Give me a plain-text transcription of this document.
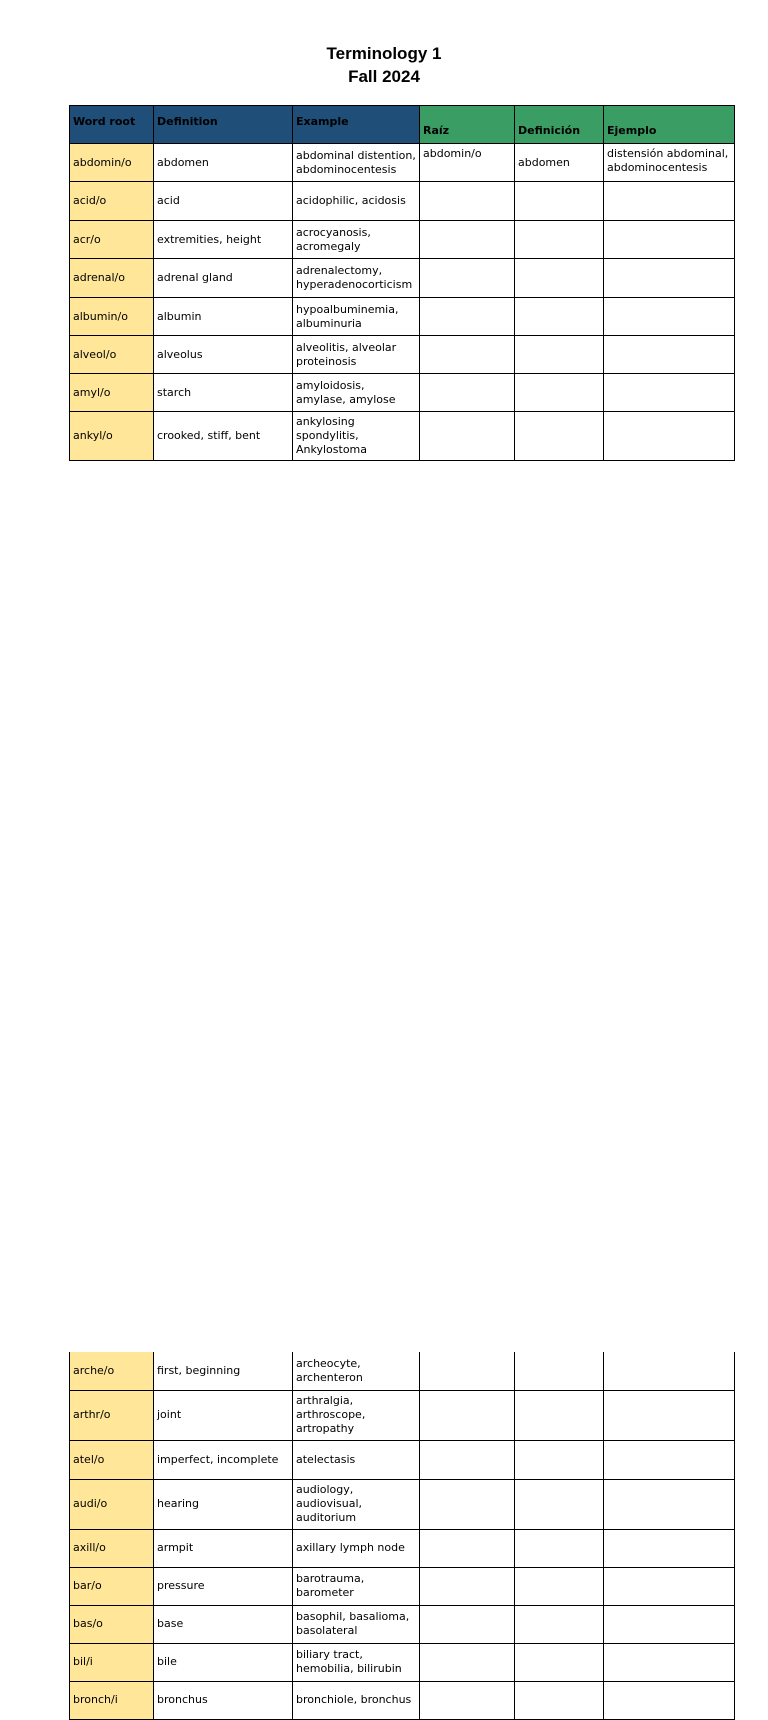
Terminology 1
Fall 2024
Word root	Definition	Example	Raíz	Definición	Ejemplo
abdomin/o	abdomen	abdominal distention, abdominocentesis	abdomin/o	abdomen	distensión abdominal, abdominocentesis
acid/o	acid	acidophilic, acidosis			
acr/o	extremities, height	acrocyanosis, acromegaly			
adrenal/o	adrenal gland	adrenalectomy, hyperadenocorticism			
albumin/o	albumin	hypoalbuminemia, albuminuria			
alveol/o	alveolus	alveolitis, alveolar proteinosis			
amyl/o	starch	amyloidosis, amylase, amylose			
ankyl/o	crooked, stiff, bent	ankylosing spondylitis, Ankylostoma			
arche/o	first, beginning	archeocyte, archenteron			
arthr/o	joint	arthralgia, arthroscope, artropathy			
atel/o	imperfect, incomplete	atelectasis			
audi/o	hearing	audiology, audiovisual, auditorium			
axill/o	armpit	axillary lymph node			
bar/o	pressure	barotrauma, barometer			
bas/o	base	basophil, basalioma, basolateral			
bil/i	bile	biliary tract, hemobilia, bilirubin			
bronch/i	bronchus	bronchiole, bronchus			
